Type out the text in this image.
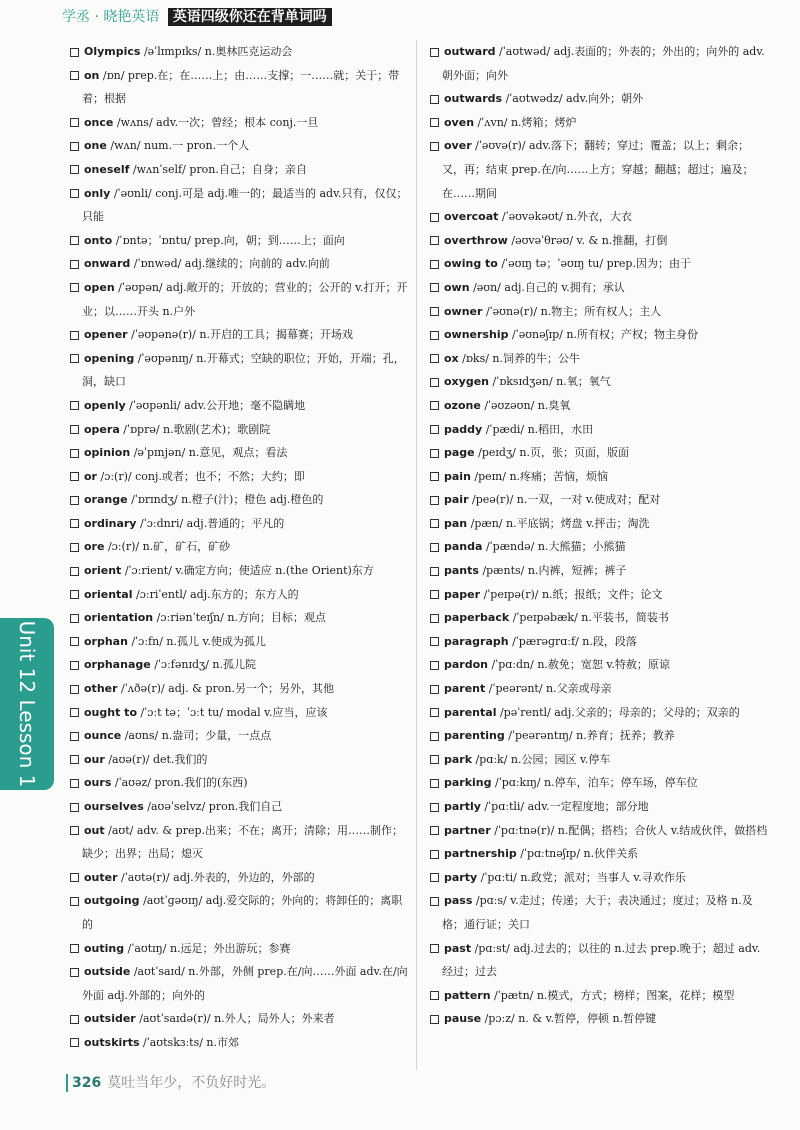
学丞 · 晓艳英语 英语四级你还在背单词吗
Olympics /əˈlɪmpɪks/ n.奥林匹克运动会
on /ɒn/ prep.在；在……上；由……支撑；一……就；关于；带着；根据
once /wʌns/ adv.一次；曾经；根本 conj.一旦
one /wʌn/ num.一 pron.一个人
oneself /wʌnˈself/ pron.自己；自身；亲自
only /ˈəʊnli/ conj.可是 adj.唯一的；最适当的 adv.只有，仅仅；只能
onto /ˈɒntə；ˈɒntu/ prep.向，朝；到……上；面向
onward /ˈɒnwəd/ adj.继续的；向前的 adv.向前
open /ˈəʊpən/ adj.敞开的；开放的；营业的；公开的 v.打开；开业；以……开头 n.户外
opener /ˈəʊpənə(r)/ n.开启的工具；揭幕赛；开场戏
opening /ˈəʊpənɪŋ/ n.开幕式；空缺的职位；开始，开端；孔，洞，缺口
openly /ˈəʊpənli/ adv.公开地；毫不隐瞒地
opera /ˈɒprə/ n.歌剧(艺术)；歌剧院
opinion /əˈpɪnjən/ n.意见，观点；看法
or /ɔː(r)/ conj.或者；也不；不然；大约；即
orange /ˈɒrɪndʒ/ n.橙子(汁)；橙色 adj.橙色的
ordinary /ˈɔːdnri/ adj.普通的；平凡的
ore /ɔː(r)/ n.矿，矿石，矿砂
orient /ˈɔːrient/ v.确定方向；使适应 n.(the Orient)东方
oriental /ɔːriˈentl/ adj.东方的；东方人的
orientation /ɔːriənˈteɪʃn/ n.方向；目标；观点
orphan /ˈɔːfn/ n.孤儿 v.使成为孤儿
orphanage /ˈɔːfənɪdʒ/ n.孤儿院
other /ˈʌðə(r)/ adj. & pron.另一个；另外，其他
ought to /ˈɔːt tə；ˈɔːt tu/ modal v.应当，应该
ounce /aʊns/ n.盎司；少量，一点点
our /aʊə(r)/ det.我们的
ours /ˈaʊəz/ pron.我们的(东西)
ourselves /aʊəˈselvz/ pron.我们自己
out /aʊt/ adv. & prep.出来；不在；离开；清除；用……制作；缺少；出界；出局；熄灭
outer /ˈaʊtə(r)/ adj.外表的，外边的，外部的
outgoing /aʊtˈɡəʊɪŋ/ adj.爱交际的；外向的；将卸任的；离职的
outing /ˈaʊtɪŋ/ n.远足；外出游玩；参赛
outside /aʊtˈsaɪd/ n.外部，外侧 prep.在/向……外面 adv.在/向外面 adj.外部的；向外的
outsider /aʊtˈsaɪdə(r)/ n.外人；局外人；外来者
outskirts /ˈaʊtskɜːts/ n.市郊
outward /ˈaʊtwəd/ adj.表面的；外表的；外出的；向外的 adv.朝外面；向外
outwards /ˈaʊtwədz/ adv.向外；朝外
oven /ˈʌvn/ n.烤箱；烤炉
over /ˈəʊvə(r)/ adv.落下；翻转；穿过；覆盖；以上；剩余；又，再；结束 prep.在/向……上方；穿越；翻越；超过；遍及；在……期间
overcoat /ˈəʊvəkəʊt/ n.外衣，大衣
overthrow /əʊvəˈθrəʊ/ v. & n.推翻，打倒
owing to /ˈəʊɪŋ tə；ˈəʊɪŋ tu/ prep.因为；由于
own /əʊn/ adj.自己的 v.拥有；承认
owner /ˈəʊnə(r)/ n.物主；所有权人；主人
ownership /ˈəʊnəʃɪp/ n.所有权；产权；物主身份
ox /ɒks/ n.饲养的牛；公牛
oxygen /ˈɒksɪdʒən/ n.氧；氧气
ozone /ˈəʊzəʊn/ n.臭氧
paddy /ˈpædi/ n.稻田，水田
page /peɪdʒ/ n.页，张；页面，版面
pain /peɪn/ n.疼痛；苦恼，烦恼
pair /peə(r)/ n.一双，一对 v.使成对；配对
pan /pæn/ n.平底锅；烤盘 v.抨击；淘洗
panda /ˈpændə/ n.大熊猫；小熊猫
pants /pænts/ n.内裤，短裤；裤子
paper /ˈpeɪpə(r)/ n.纸；报纸；文件；论文
paperback /ˈpeɪpəbæk/ n.平装书，简装书
paragraph /ˈpærəɡrɑːf/ n.段，段落
pardon /ˈpɑːdn/ n.赦免；宽恕 v.特赦；原谅
parent /ˈpeərənt/ n.父亲或母亲
parental /pəˈrentl/ adj.父亲的；母亲的；父母的；双亲的
parenting /ˈpeərəntɪŋ/ n.养育；抚养；教养
park /pɑːk/ n.公园；园区 v.停车
parking /ˈpɑːkɪŋ/ n.停车，泊车；停车场，停车位
partly /ˈpɑːtli/ adv.一定程度地；部分地
partner /ˈpɑːtnə(r)/ n.配偶；搭档；合伙人 v.结成伙伴，做搭档
partnership /ˈpɑːtnəʃɪp/ n.伙伴关系
party /ˈpɑːti/ n.政党；派对；当事人 v.寻欢作乐
pass /pɑːs/ v.走过；传递；大于；表决通过；度过；及格 n.及格；通行证；关口
past /pɑːst/ adj.过去的；以往的 n.过去 prep.晚于；超过 adv.经过；过去
pattern /ˈpætn/ n.模式，方式；榜样；图案，花样；模型
pause /pɔːz/ n. & v.暂停，停顿 n.暂停键
Unit 12 Lesson 1
326 莫吐当年少，不负好时光。
